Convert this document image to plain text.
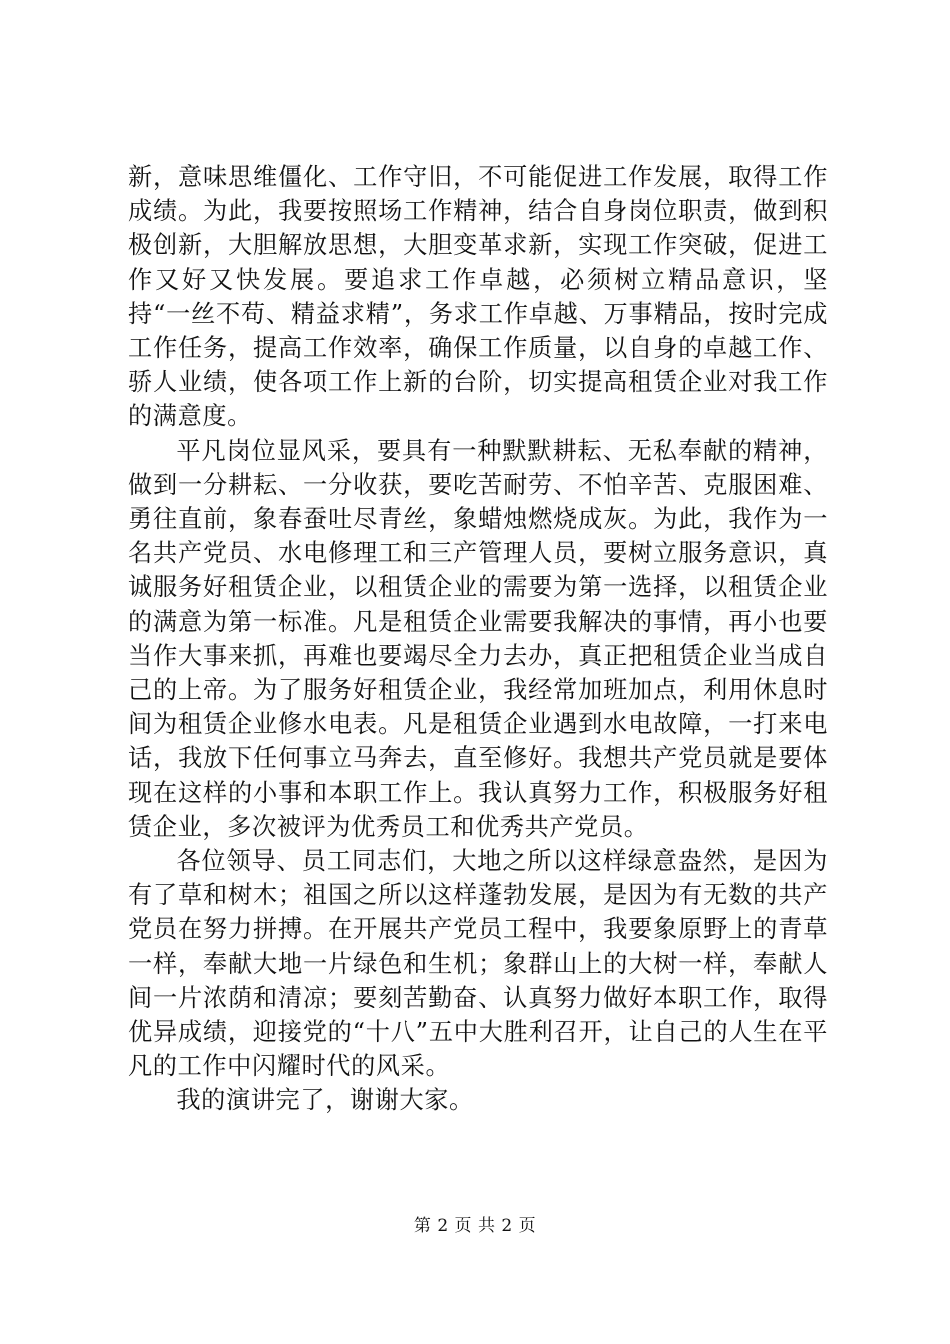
新，意味思维僵化、工作守旧，不可能促进工作发展，取得工作成绩。为此，我要按照场工作精神，结合自身岗位职责，做到积极创新，大胆解放思想，大胆变革求新，实现工作突破，促进工作又好又快发展。要追求工作卓越，必须树立精品意识，坚持“一丝不苟、精益求精”，务求工作卓越、万事精品，按时完成工作任务，提高工作效率，确保工作质量，以自身的卓越工作、骄人业绩，使各项工作上新的台阶，切实提高租赁企业对我工作的满意度。

平凡岗位显风采，要具有一种默默耕耘、无私奉献的精神，做到一分耕耘、一分收获，要吃苦耐劳、不怕辛苦、克服困难、勇往直前，象春蚕吐尽青丝，象蜡烛燃烧成灰。为此，我作为一名共产党员、水电修理工和三产管理人员，要树立服务意识，真诚服务好租赁企业，以租赁企业的需要为第一选择，以租赁企业的满意为第一标准。凡是租赁企业需要我解决的事情，再小也要当作大事来抓，再难也要竭尽全力去办，真正把租赁企业当成自己的上帝。为了服务好租赁企业，我经常加班加点，利用休息时间为租赁企业修水电表。凡是租赁企业遇到水电故障，一打来电话，我放下任何事立马奔去，直至修好。我想共产党员就是要体现在这样的小事和本职工作上。我认真努力工作，积极服务好租赁企业，多次被评为优秀员工和优秀共产党员。

各位领导、员工同志们，大地之所以这样绿意盎然，是因为有了草和树木；祖国之所以这样蓬勃发展，是因为有无数的共产党员在努力拼搏。在开展共产党员工程中，我要象原野上的青草一样，奉献大地一片绿色和生机；象群山上的大树一样，奉献人间一片浓荫和清凉；要刻苦勤奋、认真努力做好本职工作，取得优异成绩，迎接党的“十八”五中大胜利召开，让自己的人生在平凡的工作中闪耀时代的风采。

我的演讲完了，谢谢大家。

第 2 页 共 2 页
